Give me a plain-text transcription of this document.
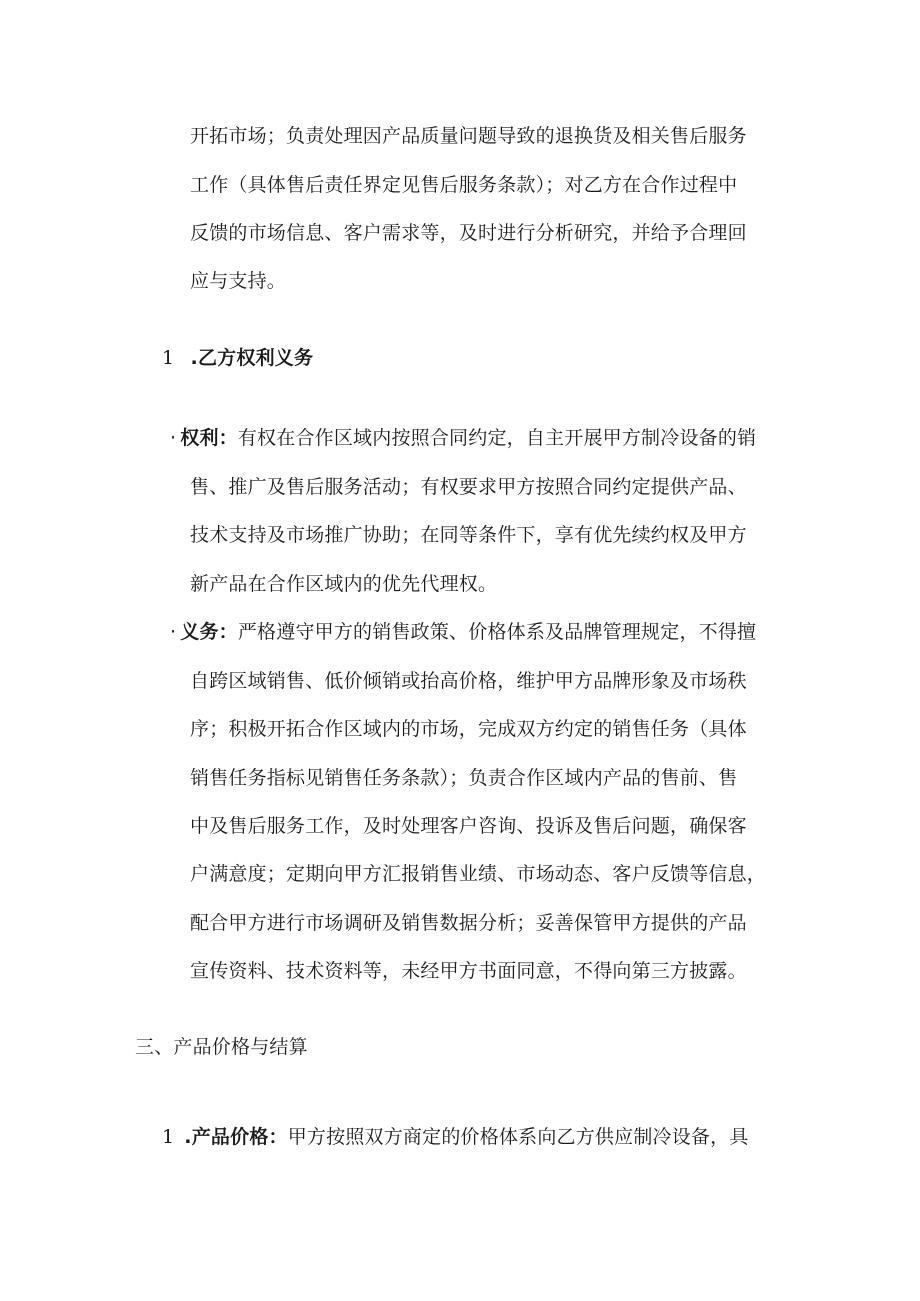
开拓市场；负责处理因产品质量问题导致的退换货及相关售后服务
工作（具体售后责任界定见售后服务条款）；对乙方在合作过程中
反馈的市场信息、客户需求等，及时进行分析研究，并给予合理回
应与支持。
1 .乙方权利义务
· 权利：有权在合作区域内按照合同约定，自主开展甲方制冷设备的销
售、推广及售后服务活动；有权要求甲方按照合同约定提供产品、
技术支持及市场推广协助；在同等条件下，享有优先续约权及甲方
新产品在合作区域内的优先代理权。
· 义务：严格遵守甲方的销售政策、价格体系及品牌管理规定，不得擅
自跨区域销售、低价倾销或抬高价格，维护甲方品牌形象及市场秩
序；积极开拓合作区域内的市场，完成双方约定的销售任务（具体
销售任务指标见销售任务条款）；负责合作区域内产品的售前、售
中及售后服务工作，及时处理客户咨询、投诉及售后问题，确保客
户满意度；定期向甲方汇报销售业绩、市场动态、客户反馈等信息，
配合甲方进行市场调研及销售数据分析；妥善保管甲方提供的产品
宣传资料、技术资料等，未经甲方书面同意，不得向第三方披露。
三、产品价格与结算
1 .产品价格：甲方按照双方商定的价格体系向乙方供应制冷设备，具
